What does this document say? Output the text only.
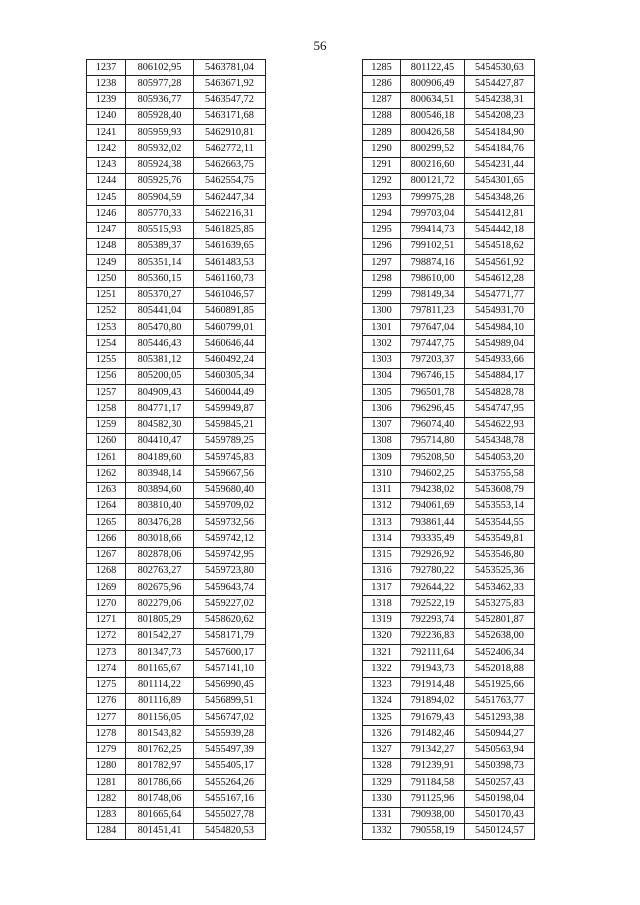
56
1237	806102,95	5463781,04
1238	805977,28	5463671,92
1239	805936,77	5463547,72
1240	805928,40	5463171,68
1241	805959,93	5462910,81
1242	805932,02	5462772,11
1243	805924,38	5462663,75
1244	805925,76	5462554,75
1245	805904,59	5462447,34
1246	805770,33	5462216,31
1247	805515,93	5461825,85
1248	805389,37	5461639,65
1249	805351,14	5461483,53
1250	805360,15	5461160,73
1251	805370,27	5461046,57
1252	805441,04	5460891,85
1253	805470,80	5460799,01
1254	805446,43	5460646,44
1255	805381,12	5460492,24
1256	805200,05	5460305,34
1257	804909,43	5460044,49
1258	804771,17	5459949,87
1259	804582,30	5459845,21
1260	804410,47	5459789,25
1261	804189,60	5459745,83
1262	803948,14	5459667,56
1263	803894,60	5459680,40
1264	803810,40	5459709,02
1265	803476,28	5459732,56
1266	803018,66	5459742,12
1267	802878,06	5459742,95
1268	802763,27	5459723,80
1269	802675,96	5459643,74
1270	802279,06	5459227,02
1271	801805,29	5458620,62
1272	801542,27	5458171,79
1273	801347,73	5457600,17
1274	801165,67	5457141,10
1275	801114,22	5456990,45
1276	801116,89	5456899,51
1277	801156,05	5456747,02
1278	801543,82	5455939,28
1279	801762,25	5455497,39
1280	801782,97	5455405,17
1281	801786,66	5455264,26
1282	801748,06	5455167,16
1283	801665,64	5455027,78
1284	801451,41	5454820,53
1285	801122,45	5454530,63
1286	800906,49	5454427,87
1287	800634,51	5454238,31
1288	800546,18	5454208,23
1289	800426,58	5454184,90
1290	800299,52	5454184,76
1291	800216,60	5454231,44
1292	800121,72	5454301,65
1293	799975,28	5454348,26
1294	799703,04	5454412,81
1295	799414,73	5454442,18
1296	799102,51	5454518,62
1297	798874,16	5454561,92
1298	798610,00	5454612,28
1299	798149,34	5454771,77
1300	797811,23	5454931,70
1301	797647,04	5454984,10
1302	797447,75	5454989,04
1303	797203,37	5454933,66
1304	796746,15	5454884,17
1305	796501,78	5454828,78
1306	796296,45	5454747,95
1307	796074,40	5454622,93
1308	795714,80	5454348,78
1309	795208,50	5454053,20
1310	794602,25	5453755,58
1311	794238,02	5453608,79
1312	794061,69	5453553,14
1313	793861,44	5453544,55
1314	793335,49	5453549,81
1315	792926,92	5453546,80
1316	792780,22	5453525,36
1317	792644,22	5453462,33
1318	792522,19	5453275,83
1319	792293,74	5452801,87
1320	792236,83	5452638,00
1321	792111,64	5452406,34
1322	791943,73	5452018,88
1323	791914,48	5451925,66
1324	791894,02	5451763,77
1325	791679,43	5451293,38
1326	791482,46	5450944,27
1327	791342,27	5450563,94
1328	791239,91	5450398,73
1329	791184,58	5450257,43
1330	791125,96	5450198,04
1331	790938,00	5450170,43
1332	790558,19	5450124,57
